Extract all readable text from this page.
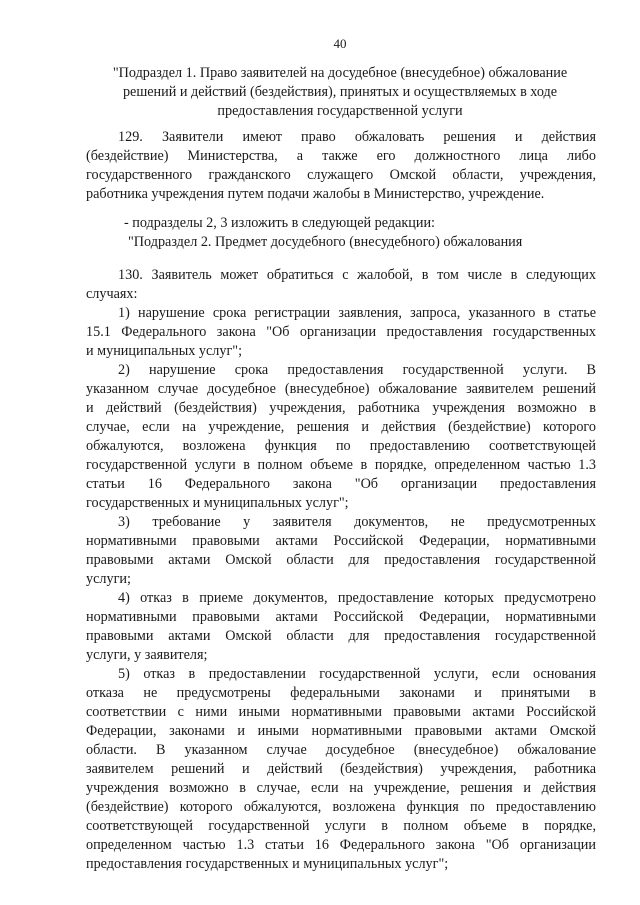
40
"Подраздел 1. Право заявителей на досудебное (внесудебное) обжалование
решений и действий (бездействия), принятых и осуществляемых в ходе
предоставления государственной услуги
129. Заявители имеют право обжаловать решения и действия
(бездействие) Министерства, а также его должностного лица либо
государственного гражданского служащего Омской области, учреждения,
работника учреждения путем подачи жалобы в Министерство, учреждение.
- подразделы 2, 3 изложить в следующей редакции:
"Подраздел 2. Предмет досудебного (внесудебного) обжалования
130. Заявитель может обратиться с жалобой, в том числе в следующих
случаях:
1) нарушение срока регистрации заявления, запроса, указанного в статье
15.1 Федерального закона "Об организации предоставления государственных
и муниципальных услуг";
2) нарушение срока предоставления государственной услуги. В
указанном случае досудебное (внесудебное) обжалование заявителем решений
и действий (бездействия) учреждения, работника учреждения возможно в
случае, если на учреждение, решения и действия (бездействие) которого
обжалуются, возложена функция по предоставлению соответствующей
государственной услуги в полном объеме в порядке, определенном частью 1.3
статьи 16 Федерального закона "Об организации предоставления
государственных и муниципальных услуг";
3) требование у заявителя документов, не предусмотренных
нормативными правовыми актами Российской Федерации, нормативными
правовыми актами Омской области для предоставления государственной
услуги;
4) отказ в приеме документов, предоставление которых предусмотрено
нормативными правовыми актами Российской Федерации, нормативными
правовыми актами Омской области для предоставления государственной
услуги, у заявителя;
5) отказ в предоставлении государственной услуги, если основания
отказа не предусмотрены федеральными законами и принятыми в
соответствии с ними иными нормативными правовыми актами Российской
Федерации, законами и иными нормативными правовыми актами Омской
области. В указанном случае досудебное (внесудебное) обжалование
заявителем решений и действий (бездействия) учреждения, работника
учреждения возможно в случае, если на учреждение, решения и действия
(бездействие) которого обжалуются, возложена функция по предоставлению
соответствующей государственной услуги в полном объеме в порядке,
определенном частью 1.3 статьи 16 Федерального закона "Об организации
предоставления государственных и муниципальных услуг";
